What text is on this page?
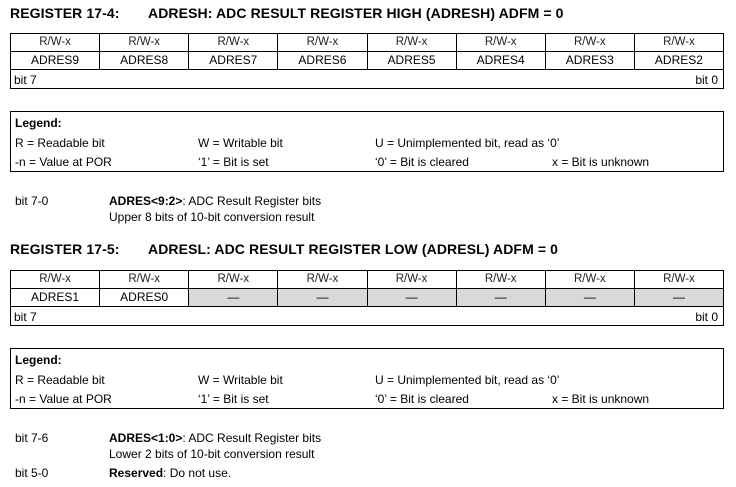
REGISTER 17-4: ADRESH: ADC RESULT REGISTER HIGH (ADRESH) ADFM = 0
R/W-x	R/W-x	R/W-x	R/W-x	R/W-x	R/W-x	R/W-x	R/W-x
ADRES9	ADRES8	ADRES7	ADRES6	ADRES5	ADRES4	ADRES3	ADRES2
bit 7	bit 0
Legend:
R = Readable bit	W = Writable bit	U = Unimplemented bit, read as ‘0’
-n = Value at POR	‘1’ = Bit is set	‘0’ = Bit is cleared	x = Bit is unknown
bit 7-0	ADRES<9:2>: ADC Result Register bits
Upper 8 bits of 10-bit conversion result
REGISTER 17-5: ADRESL: ADC RESULT REGISTER LOW (ADRESL) ADFM = 0
R/W-x	R/W-x	R/W-x	R/W-x	R/W-x	R/W-x	R/W-x	R/W-x
ADRES1	ADRES0	—	—	—	—	—	—
bit 7	bit 0
Legend:
R = Readable bit	W = Writable bit	U = Unimplemented bit, read as ‘0’
-n = Value at POR	‘1’ = Bit is set	‘0’ = Bit is cleared	x = Bit is unknown
bit 7-6	ADRES<1:0>: ADC Result Register bits
Lower 2 bits of 10-bit conversion result
bit 5-0	Reserved: Do not use.
